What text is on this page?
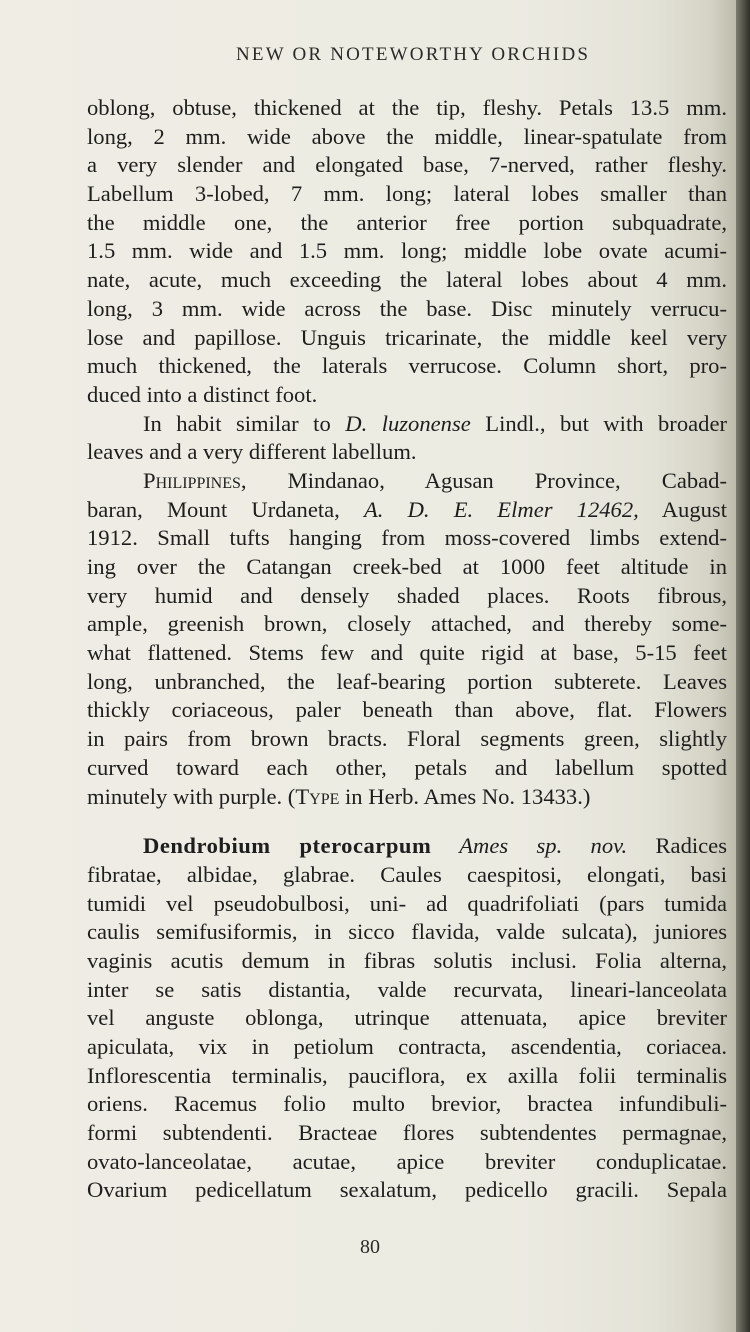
NEW OR NOTEWORTHY ORCHIDS
oblong, obtuse, thickened at the tip, fleshy. Petals 13.5 mm.
long, 2 mm. wide above the middle, linear-spatulate from
a very slender and elongated base, 7-nerved, rather fleshy.
Labellum 3-lobed, 7 mm. long; lateral lobes smaller than
the middle one, the anterior free portion subquadrate,
1.5 mm. wide and 1.5 mm. long; middle lobe ovate acumi-
nate, acute, much exceeding the lateral lobes about 4 mm.
long, 3 mm. wide across the base. Disc minutely verrucu-
lose and papillose. Unguis tricarinate, the middle keel very
much thickened, the laterals verrucose. Column short, pro-
duced into a distinct foot.
In habit similar to D. luzonense Lindl., but with broader
leaves and a very different labellum.
Philippines, Mindanao, Agusan Province, Cabad-
baran, Mount Urdaneta, A. D. E. Elmer 12462, August
1912. Small tufts hanging from moss-covered limbs extend-
ing over the Catangan creek-bed at 1000 feet altitude in
very humid and densely shaded places. Roots fibrous,
ample, greenish brown, closely attached, and thereby some-
what flattened. Stems few and quite rigid at base, 5-15 feet
long, unbranched, the leaf-bearing portion subterete. Leaves
thickly coriaceous, paler beneath than above, flat. Flowers
in pairs from brown bracts. Floral segments green, slightly
curved toward each other, petals and labellum spotted
minutely with purple. (Type in Herb. Ames No. 13433.)
Dendrobium pterocarpum Ames sp. nov. Radices
fibratae, albidae, glabrae. Caules caespitosi, elongati, basi
tumidi vel pseudobulbosi, uni- ad quadrifoliati (pars tumida
caulis semifusiformis, in sicco flavida, valde sulcata), juniores
vaginis acutis demum in fibras solutis inclusi. Folia alterna,
inter se satis distantia, valde recurvata, lineari-lanceolata
vel anguste oblonga, utrinque attenuata, apice breviter
apiculata, vix in petiolum contracta, ascendentia, coriacea.
Inflorescentia terminalis, pauciflora, ex axilla folii terminalis
oriens. Racemus folio multo brevior, bractea infundibuli-
formi subtendenti. Bracteae flores subtendentes permagnae,
ovato-lanceolatae, acutae, apice breviter conduplicatae.
Ovarium pedicellatum sexalatum, pedicello gracili. Sepala
80
